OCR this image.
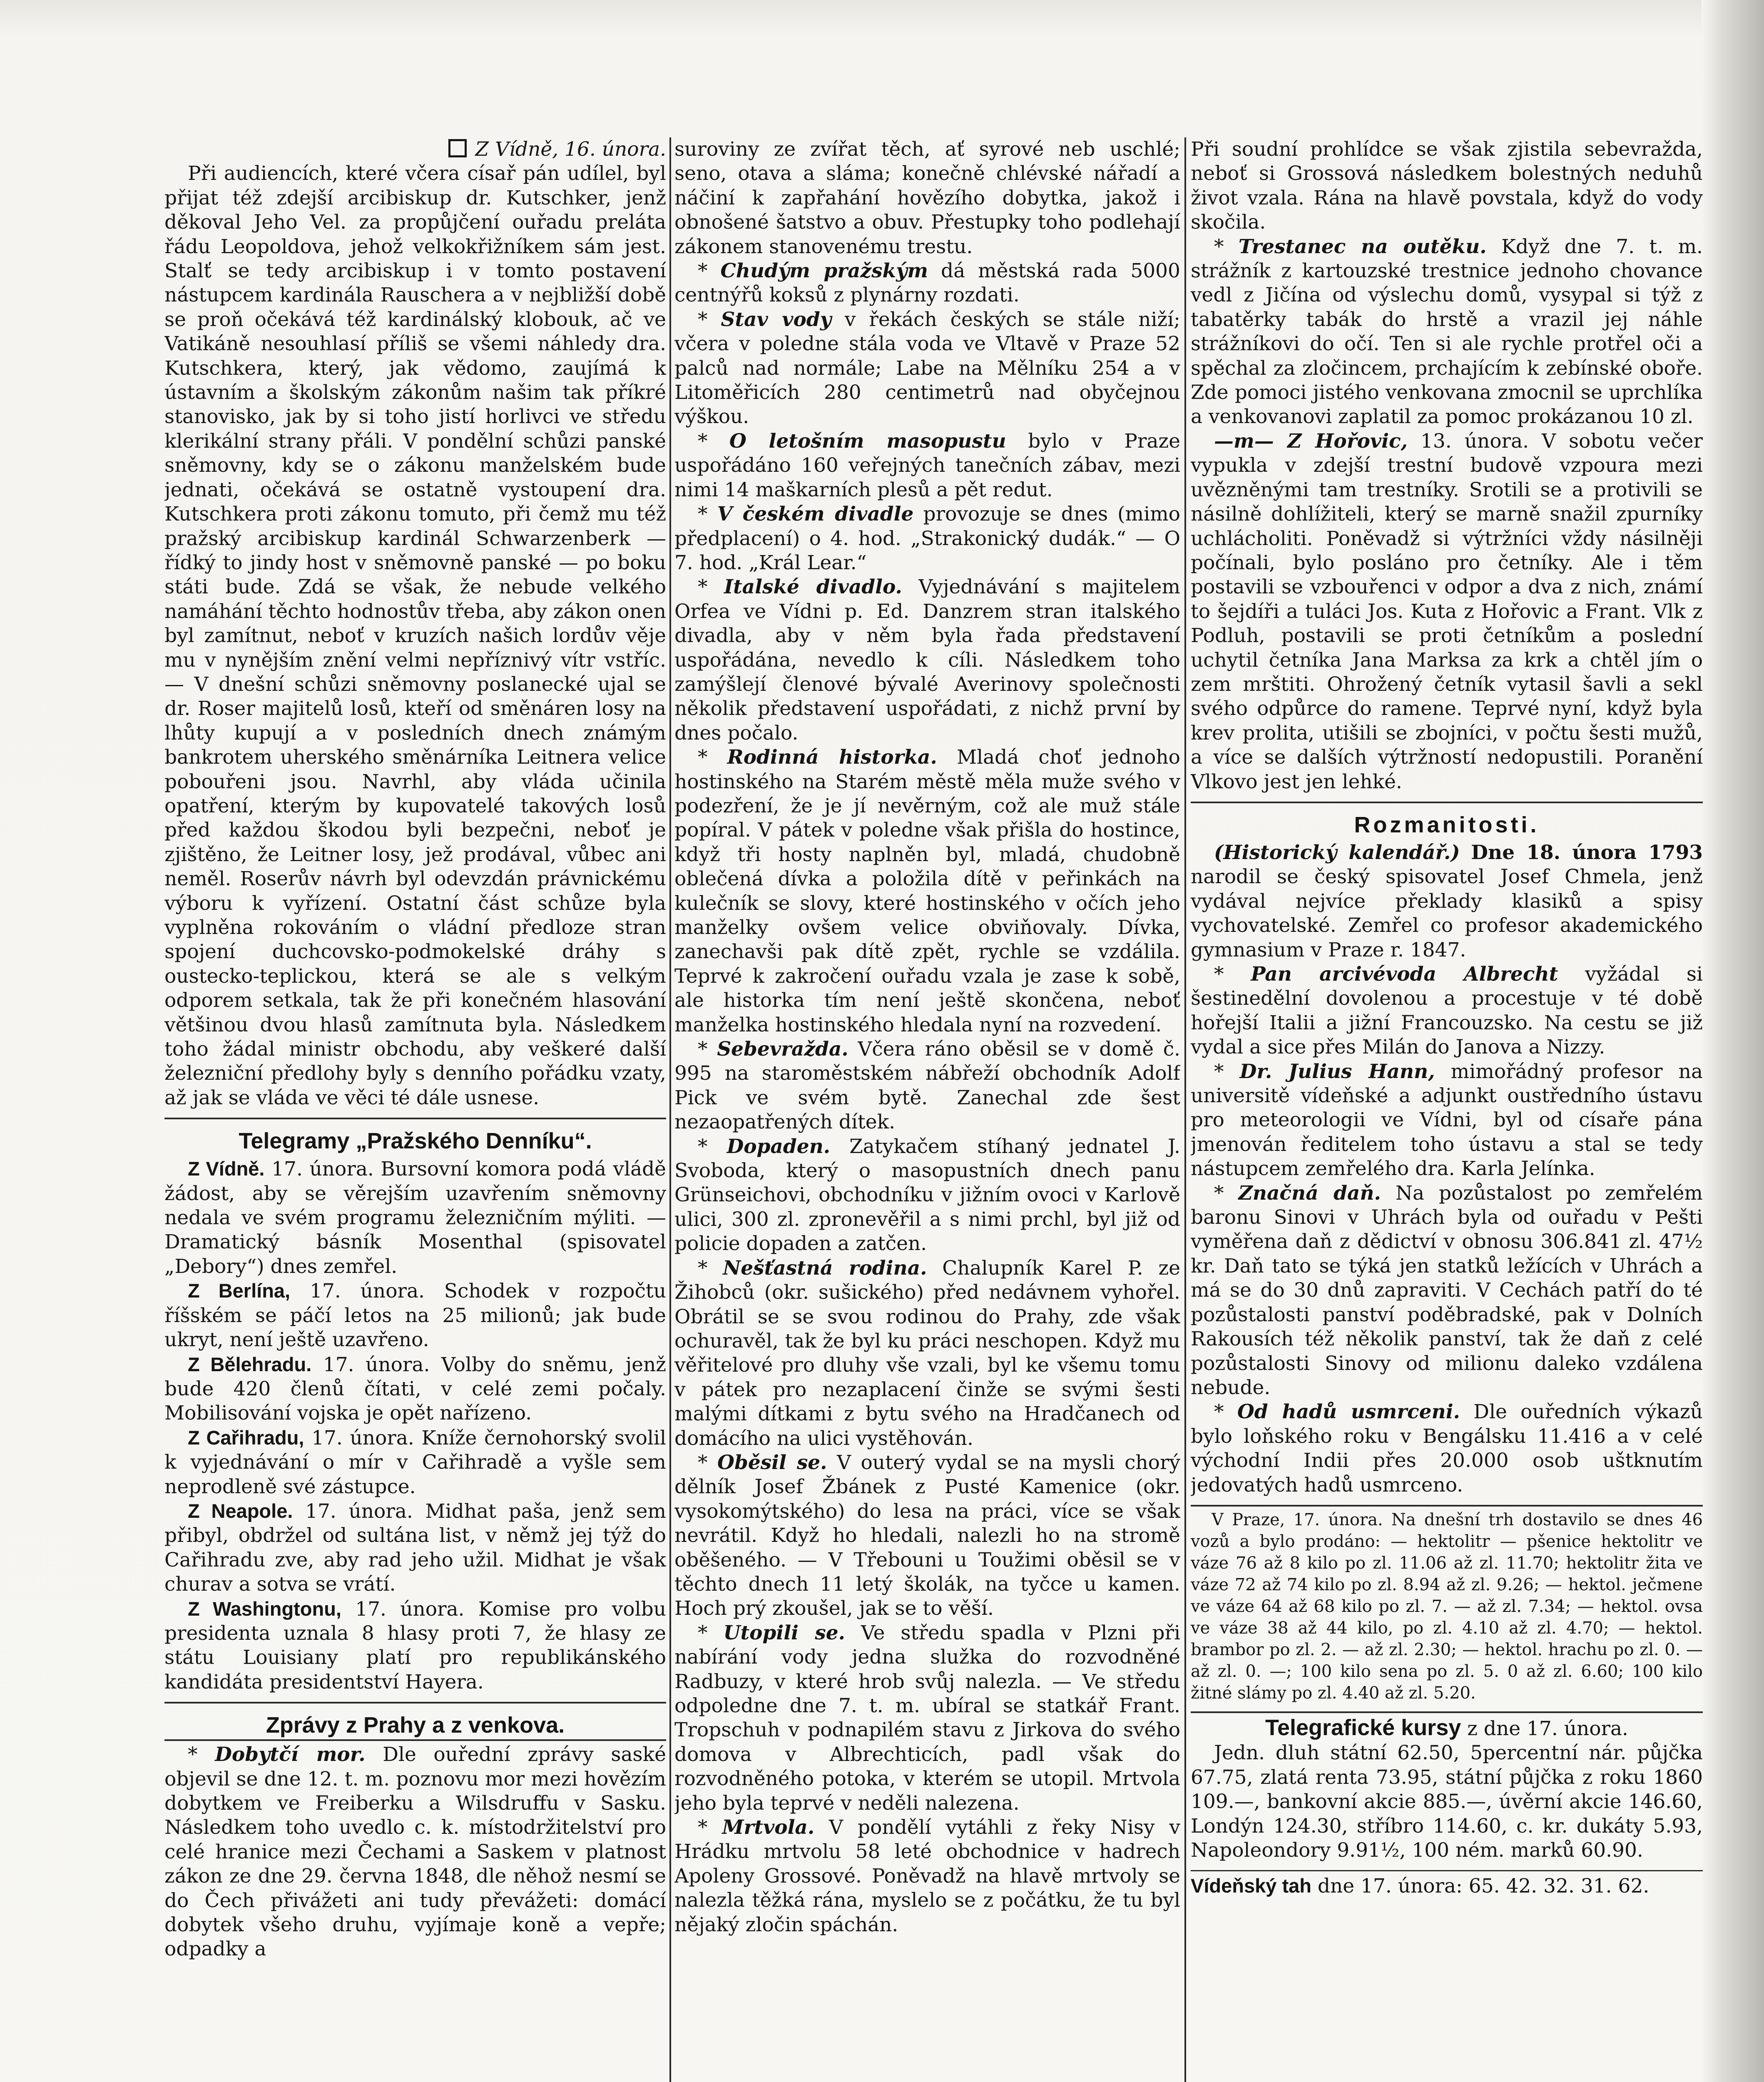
Z Vídně, 16. února.

Při audiencích, které včera císař pán udílel, byl přijat též zdejší arcibiskup dr. Kutschker, jenž děkoval Jeho Vel. za propůjčení ouřadu preláta řádu Leopoldova, jehož velkokřižníkem sám jest. Stalť se tedy arcibiskup i v tomto postavení nástupcem kardinála Rauschera a v nejbližší době se proň očekává též kardinálský klobouk, ač ve Vatikáně nesouhlasí příliš se všemi náhledy dra. Kutschkera, který, jak vědomo, zaujímá k ústavním a školským zákonům našim tak příkré stanovisko, jak by si toho jistí horlivci ve středu klerikální strany přáli. V pondělní schůzi panské sněmovny, kdy se o zákonu manželském bude jednati, očekává se ostatně vystoupení dra. Kutschkera proti zákonu tomuto, při čemž mu též pražský arcibiskup kardinál Schwarzenberk — řídký to jindy host v sněmovně panské — po boku státi bude. Zdá se však, že nebude velkého namáhání těchto hodnostův třeba, aby zákon onen byl zamítnut, neboť v kruzích našich lordův věje mu v nynějším znění velmi nepříznivý vítr vstříc. — V dnešní schůzi sněmovny poslanecké ujal se dr. Roser majitelů losů, kteří od směnáren losy na lhůty kupují a v posledních dnech známým bankrotem uherského směnárníka Leitnera velice pobouřeni jsou. Navrhl, aby vláda učinila opatření, kterým by kupovatelé takových losů před každou škodou byli bezpečni, neboť je zjištěno, že Leitner losy, jež prodával, vůbec ani neměl. Roserův návrh byl odevzdán právnickému výboru k vyřízení. Ostatní část schůze byla vyplněna rokováním o vládní předloze stran spojení duchcovsko-podmokelské dráhy s oustecko-teplickou, která se ale s velkým odporem setkala, tak že při konečném hlasování většinou dvou hlasů zamítnuta byla. Následkem toho žádal ministr obchodu, aby veškeré další železniční předlohy byly s denního pořádku vzaty, až jak se vláda ve věci té dále usnese.

Telegramy „Pražského Denníku“.

Z Vídně. 17. února. Bursovní komora podá vládě žádost, aby se věrejším uzavřením sněmovny nedala ve svém programu železničním mýliti. — Dramatický básník Mosenthal (spisovatel „Debory“) dnes zemřel.

Z Berlína, 17. února. Schodek v rozpočtu říšském se páčí letos na 25 milionů; jak bude ukryt, není ještě uzavřeno.

Z Bělehradu. 17. února. Volby do sněmu, jenž bude 420 členů čítati, v celé zemi počaly. Mobilisování vojska je opět nařízeno.

Z Cařihradu, 17. února. Kníže černohorský svolil k vyjednávání o mír v Cařihradě a vyšle sem neprodleně své zástupce.

Z Neapole. 17. února. Midhat paša, jenž sem přibyl, obdržel od sultána list, v němž jej týž do Cařihradu zve, aby rad jeho užil. Midhat je však churav a sotva se vrátí.

Z Washingtonu, 17. února. Komise pro volbu presidenta uznala 8 hlasy proti 7, že hlasy ze státu Louisiany platí pro republikánského kandidáta presidentství Hayera.

Zprávy z Prahy a z venkova.

* Dobytčí mor. Dle ouřední zprávy saské objevil se dne 12. t. m. poznovu mor mezi hovězím dobytkem ve Freiberku a Wilsdruffu v Sasku. Následkem toho uvedlo c. k. místodržitelství pro celé hranice mezi Čechami a Saskem v platnost zákon ze dne 29. června 1848, dle něhož nesmí se do Čech přivážeti ani tudy převážeti: domácí dobytek všeho druhu, vyjímaje koně a vepře; odpadky a

suroviny ze zvířat těch, ať syrové neb uschlé; seno, otava a sláma; konečně chlévské nářadí a náčiní k zapřahání hovězího dobytka, jakož i obnošené šatstvo a obuv. Přestupky toho podlehají zákonem stanovenému trestu.

* Chudým pražským dá městská rada 5000 centnýřů koksů z plynárny rozdati.

* Stav vody v řekách českých se stále niží; včera v poledne stála voda ve Vltavě v Praze 52 palců nad normále; Labe na Mělníku 254 a v Litoměřicích 280 centimetrů nad obyčejnou výškou.

* O letošním masopustu bylo v Praze uspořádáno 160 veřejných tanečních zábav, mezi nimi 14 maškarních plesů a pět redut.

* V českém divadle provozuje se dnes (mimo předplacení) o 4. hod. „Strakonický dudák.“ — O 7. hod. „Král Lear.“

* Italské divadlo. Vyjednávání s majitelem Orfea ve Vídni p. Ed. Danzrem stran italského divadla, aby v něm byla řada představení uspořádána, nevedlo k cíli. Následkem toho zamýšlejí členové bývalé Averinovy společnosti několik představení uspořádati, z nichž první by dnes počalo.

* Rodinná historka. Mladá choť jednoho hostinského na Starém městě měla muže svého v podezření, že je jí nevěrným, což ale muž stále popíral. V pátek v poledne však přišla do hostince, když tři hosty naplněn byl, mladá, chudobně oblečená dívka a položila dítě v peřinkách na kulečník se slovy, které hostinského v očích jeho manželky ovšem velice obviňovaly. Dívka, zanechavši pak dítě zpět, rychle se vzdálila. Teprvé k zakročení ouřadu vzala je zase k sobě, ale historka tím není ještě skončena, neboť manželka hostinského hledala nyní na rozvedení.

* Sebevražda. Včera ráno oběsil se v domě č. 995 na staroměstském nábřeží obchodník Adolf Pick ve svém bytě. Zanechal zde šest nezaopatřených dítek.

* Dopaden. Zatykačem stíhaný jednatel J. Svoboda, který o masopustních dnech panu Grünseichovi, obchodníku v jižním ovoci v Karlově ulici, 300 zl. zpronevěřil a s nimi prchl, byl již od policie dopaden a zatčen.

* Nešťastná rodina. Chalupník Karel P. ze Žihobců (okr. sušického) před nedávnem vyhořel. Obrátil se se svou rodinou do Prahy, zde však ochuravěl, tak že byl ku práci neschopen. Když mu věřitelové pro dluhy vše vzali, byl ke všemu tomu v pátek pro nezaplacení činže se svými šesti malými dítkami z bytu svého na Hradčanech od domácího na ulici vystěhován.

* Oběsil se. V outerý vydal se na mysli chorý dělník Josef Žbánek z Pusté Kamenice (okr. vysokomýtského) do lesa na práci, více se však nevrátil. Když ho hledali, nalezli ho na stromě oběšeného. — V Třebouni u Toužimi oběsil se v těchto dnech 11 letý školák, na tyčce u kamen. Hoch prý zkoušel, jak se to věší.

* Utopili se. Ve středu spadla v Plzni při nabírání vody jedna služka do rozvodněné Radbuzy, v které hrob svůj nalezla. — Ve středu odpoledne dne 7. t. m. ubíral se statkář Frant. Tropschuh v podnapilém stavu z Jirkova do svého domova v Albrechticích, padl však do rozvodněného potoka, v kterém se utopil. Mrtvola jeho byla teprvé v neděli nalezena.

* Mrtvola. V pondělí vytáhli z řeky Nisy v Hrádku mrtvolu 58 leté obchodnice v hadrech Apoleny Grossové. Poněvadž na hlavě mrtvoly se nalezla těžká rána, myslelo se z počátku, že tu byl nějaký zločin spáchán.

Při soudní prohlídce se však zjistila sebevražda, neboť si Grossová následkem bolestných neduhů život vzala. Rána na hlavě povstala, když do vody skočila.

* Trestanec na outěku. Když dne 7. t. m. strážník z kartouzské trestnice jednoho chovance vedl z Jičína od výslechu domů, vysypal si týž z tabatěrky tabák do hrstě a vrazil jej náhle strážníkovi do očí. Ten si ale rychle protřel oči a spěchal za zločincem, prchajícím k zebínské oboře. Zde pomoci jistého venkovana zmocnil se uprchlíka a venkovanovi zaplatil za pomoc prokázanou 10 zl.

—m— Z Hořovic, 13. února. V sobotu večer vypukla v zdejší trestní budově vzpoura mezi uvězněnými tam trestníky. Srotili se a protivili se násilně dohlížiteli, který se marně snažil zpurníky uchlácholiti. Poněvadž si výtržníci vždy násilněji počínali, bylo posláno pro četníky. Ale i těm postavili se vzbouřenci v odpor a dva z nich, známí to šejdíři a tuláci Jos. Kuta z Hořovic a Frant. Vlk z Podluh, postavili se proti četníkům a poslední uchytil četníka Jana Marksa za krk a chtěl jím o zem mrštiti. Ohrožený četník vytasil šavli a sekl svého odpůrce do ramene. Teprvé nyní, když byla krev prolita, utišili se zbojníci, v počtu šesti mužů, a více se dalších výtržností nedopustili. Poranění Vlkovo jest jen lehké.

Rozmanitosti.

(Historický kalendář.) Dne 18. února 1793 narodil se český spisovatel Josef Chmela, jenž vydával nejvíce překlady klasiků a spisy vychovatelské. Zemřel co profesor akademického gymnasium v Praze r. 1847.

* Pan arcivévoda Albrecht vyžádal si šestinedělní dovolenou a procestuje v té době hořejší Italii a jižní Francouzsko. Na cestu se již vydal a sice přes Milán do Janova a Nizzy.

* Dr. Julius Hann, mimořádný profesor na universitě vídeňské a adjunkt oustředního ústavu pro meteorologii ve Vídni, byl od císaře pána jmenován ředitelem toho ústavu a stal se tedy nástupcem zemřelého dra. Karla Jelínka.

* Značná daň. Na pozůstalost po zemřelém baronu Sinovi v Uhrách byla od ouřadu v Pešti vyměřena daň z dědictví v obnosu 306.841 zl. 47½ kr. Daň tato se týká jen statků ležících v Uhrách a má se do 30 dnů zapraviti. V Cechách patří do té pozůstalosti panství poděbradské, pak v Dolních Rakousích též několik panství, tak že daň z celé pozůstalosti Sinovy od milionu daleko vzdálena nebude.

* Od hadů usmrceni. Dle ouředních výkazů bylo loňského roku v Bengálsku 11.416 a v celé východní Indii přes 20.000 osob uštknutím jedovatých hadů usmrceno.

V Praze, 17. února. Na dnešní trh dostavilo se dnes 46 vozů a bylo prodáno: — hektolitr — pšenice hektolitr ve váze 76 až 8 kilo po zl. 11.06 až zl. 11.70; hektolitr žita ve váze 72 až 74 kilo po zl. 8.94 až zl. 9.26; — hektol. ječmene ve váze 64 až 68 kilo po zl. 7. — až zl. 7.34; — hektol. ovsa ve váze 38 až 44 kilo, po zl. 4.10 až zl. 4.70; — hektol. brambor po zl. 2. — až zl. 2.30; — hektol. hrachu po zl. 0. — až zl. 0. —; 100 kilo sena po zl. 5. 0 až zl. 6.60; 100 kilo žitné slámy po zl. 4.40 až zl. 5.20.

Telegrafické kursy z dne 17. února.

Jedn. dluh státní 62.50, 5percentní nár. půjčka 67.75, zlatá renta 73.95, státní půjčka z roku 1860 109.—, bankovní akcie 885.—, úvěrní akcie 146.60, Londýn 124.30, stříbro 114.60, c. kr. dukáty 5.93, Napoleondory 9.91½, 100 ném. marků 60.90.

Vídeňský tah dne 17. února: 65. 42. 32. 31. 62.
